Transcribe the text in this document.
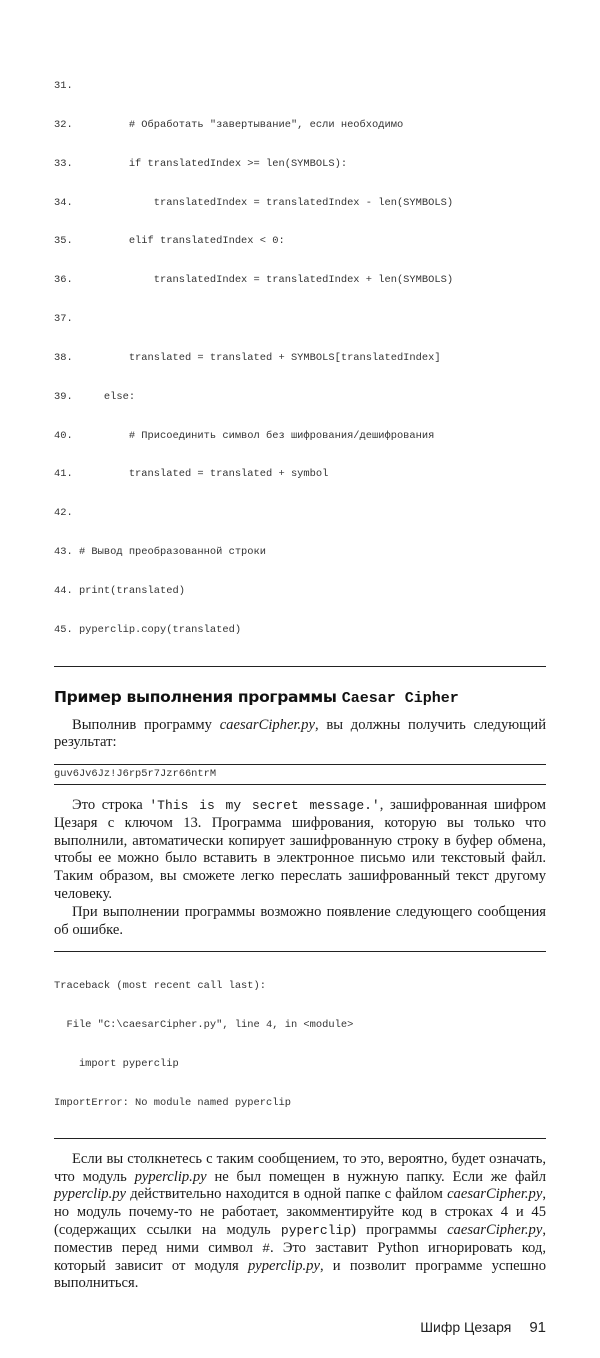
31.

32.         # Обработать "завертывание", если необходимо

33.         if translatedIndex >= len(SYMBOLS):

34.             translatedIndex = translatedIndex - len(SYMBOLS)

35.         elif translatedIndex < 0:

36.             translatedIndex = translatedIndex + len(SYMBOLS)

37.

38.         translated = translated + SYMBOLS[translatedIndex]

39.     else:

40.         # Присоединить символ без шифрования/дешифрования

41.         translated = translated + symbol

42.

43. # Вывод преобразованной строки

44. print(translated)

45. pyperclip.copy(translated)

Пример выполнения программы Caesar Cipher

Выполнив программу caesarCipher.py, вы должны получить следующий результат:

guv6Jv6Jz!J6rp5r7Jzr66ntrM

Это строка 'This is my secret message.', зашифрованная шифром Цезаря с ключом 13. Программа шифрования, которую вы только что выполнили, автоматически копирует зашифрованную строку в буфер обмена, чтобы ее можно было вставить в электронное письмо или текстовый файл. Таким образом, вы сможете легко переслать зашифрованный текст другому человеку.

При выполнении программы возможно появление следующего сообщения об ошибке.

Traceback (most recent call last):

File "C:\caesarCipher.py", line 4, in <module>

import pyperclip

ImportError: No module named pyperclip

Если вы столкнетесь с таким сообщением, то это, вероятно, будет означать, что модуль pyperclip.py не был помещен в нужную папку. Если же файл pyperclip.py действительно находится в одной папке с файлом caesarCipher.py, но модуль почему-то не работает, закомментируйте код в строках 4 и 45 (содержащих ссылки на модуль pyperclip) программы caesarCipher.py, поместив перед ними символ #. Это заставит Python игнорировать код, который зависит от модуля pyperclip.py, и позволит программе успешно выполниться.

Шифр Цезаря 91
